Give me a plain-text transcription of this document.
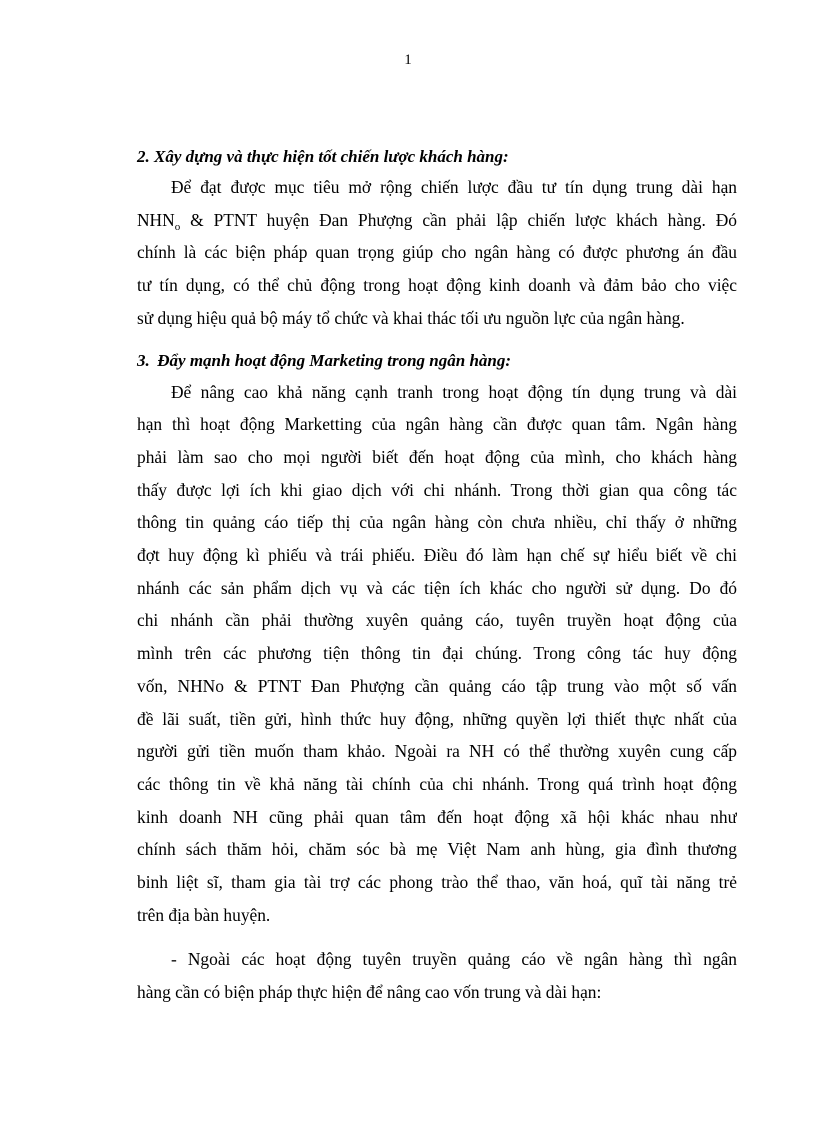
1

2. Xây dựng và thực hiện tốt chiến lược khách hàng:

Để đạt được mục tiêu mở rộng chiến lược đầu tư tín dụng trung dài hạn
$NHN_o$ & PTNT huyện Đan Phượng cần phải lập chiến lược khách hàng. Đó
chính là các biện pháp quan trọng giúp cho ngân hàng có được phương án đầu
tư tín dụng, có thể chủ động trong hoạt động kinh doanh và đảm bảo cho việc
sử dụng hiệu quả bộ máy tổ chức và khai thác tối ưu nguồn lực của ngân hàng.

3. Đẩy mạnh hoạt động Marketing trong ngân hàng:

Để nâng cao khả năng cạnh tranh trong hoạt động tín dụng trung và dài
hạn thì hoạt động Marketting của ngân hàng cần được quan tâm. Ngân hàng
phải làm sao cho mọi người biết đến hoạt động của mình, cho khách hàng
thấy được lợi ích khi giao dịch với chi nhánh. Trong thời gian qua công tác
thông tin quảng cáo tiếp thị của ngân hàng còn chưa nhiều, chỉ thấy ở những
đợt huy động kì phiếu và trái phiếu. Điều đó làm hạn chế sự hiểu biết về chi
nhánh các sản phẩm dịch vụ và các tiện ích khác cho người sử dụng. Do đó
chi nhánh cần phải thường xuyên quảng cáo, tuyên truyền hoạt động của
mình trên các phương tiện thông tin đại chúng. Trong công tác huy động
vốn, NHNo & PTNT Đan Phượng cần quảng cáo tập trung vào một số vấn
đề lãi suất, tiền gửi, hình thức huy động, những quyền lợi thiết thực nhất của
người gửi tiền muốn tham khảo. Ngoài ra NH có thể thường xuyên cung cấp
các thông tin về khả năng tài chính của chi nhánh. Trong quá trình hoạt động
kinh doanh NH cũng phải quan tâm đến hoạt động xã hội khác nhau như
chính sách thăm hỏi, chăm sóc bà mẹ Việt Nam anh hùng, gia đình thương
binh liệt sĩ, tham gia tài trợ các phong trào thể thao, văn hoá, quĩ tài năng trẻ
trên địa bàn huyện.
- Ngoài các hoạt động tuyên truyền quảng cáo về ngân hàng thì ngân
hàng cần có biện pháp thực hiện để nâng cao vốn trung và dài hạn:
